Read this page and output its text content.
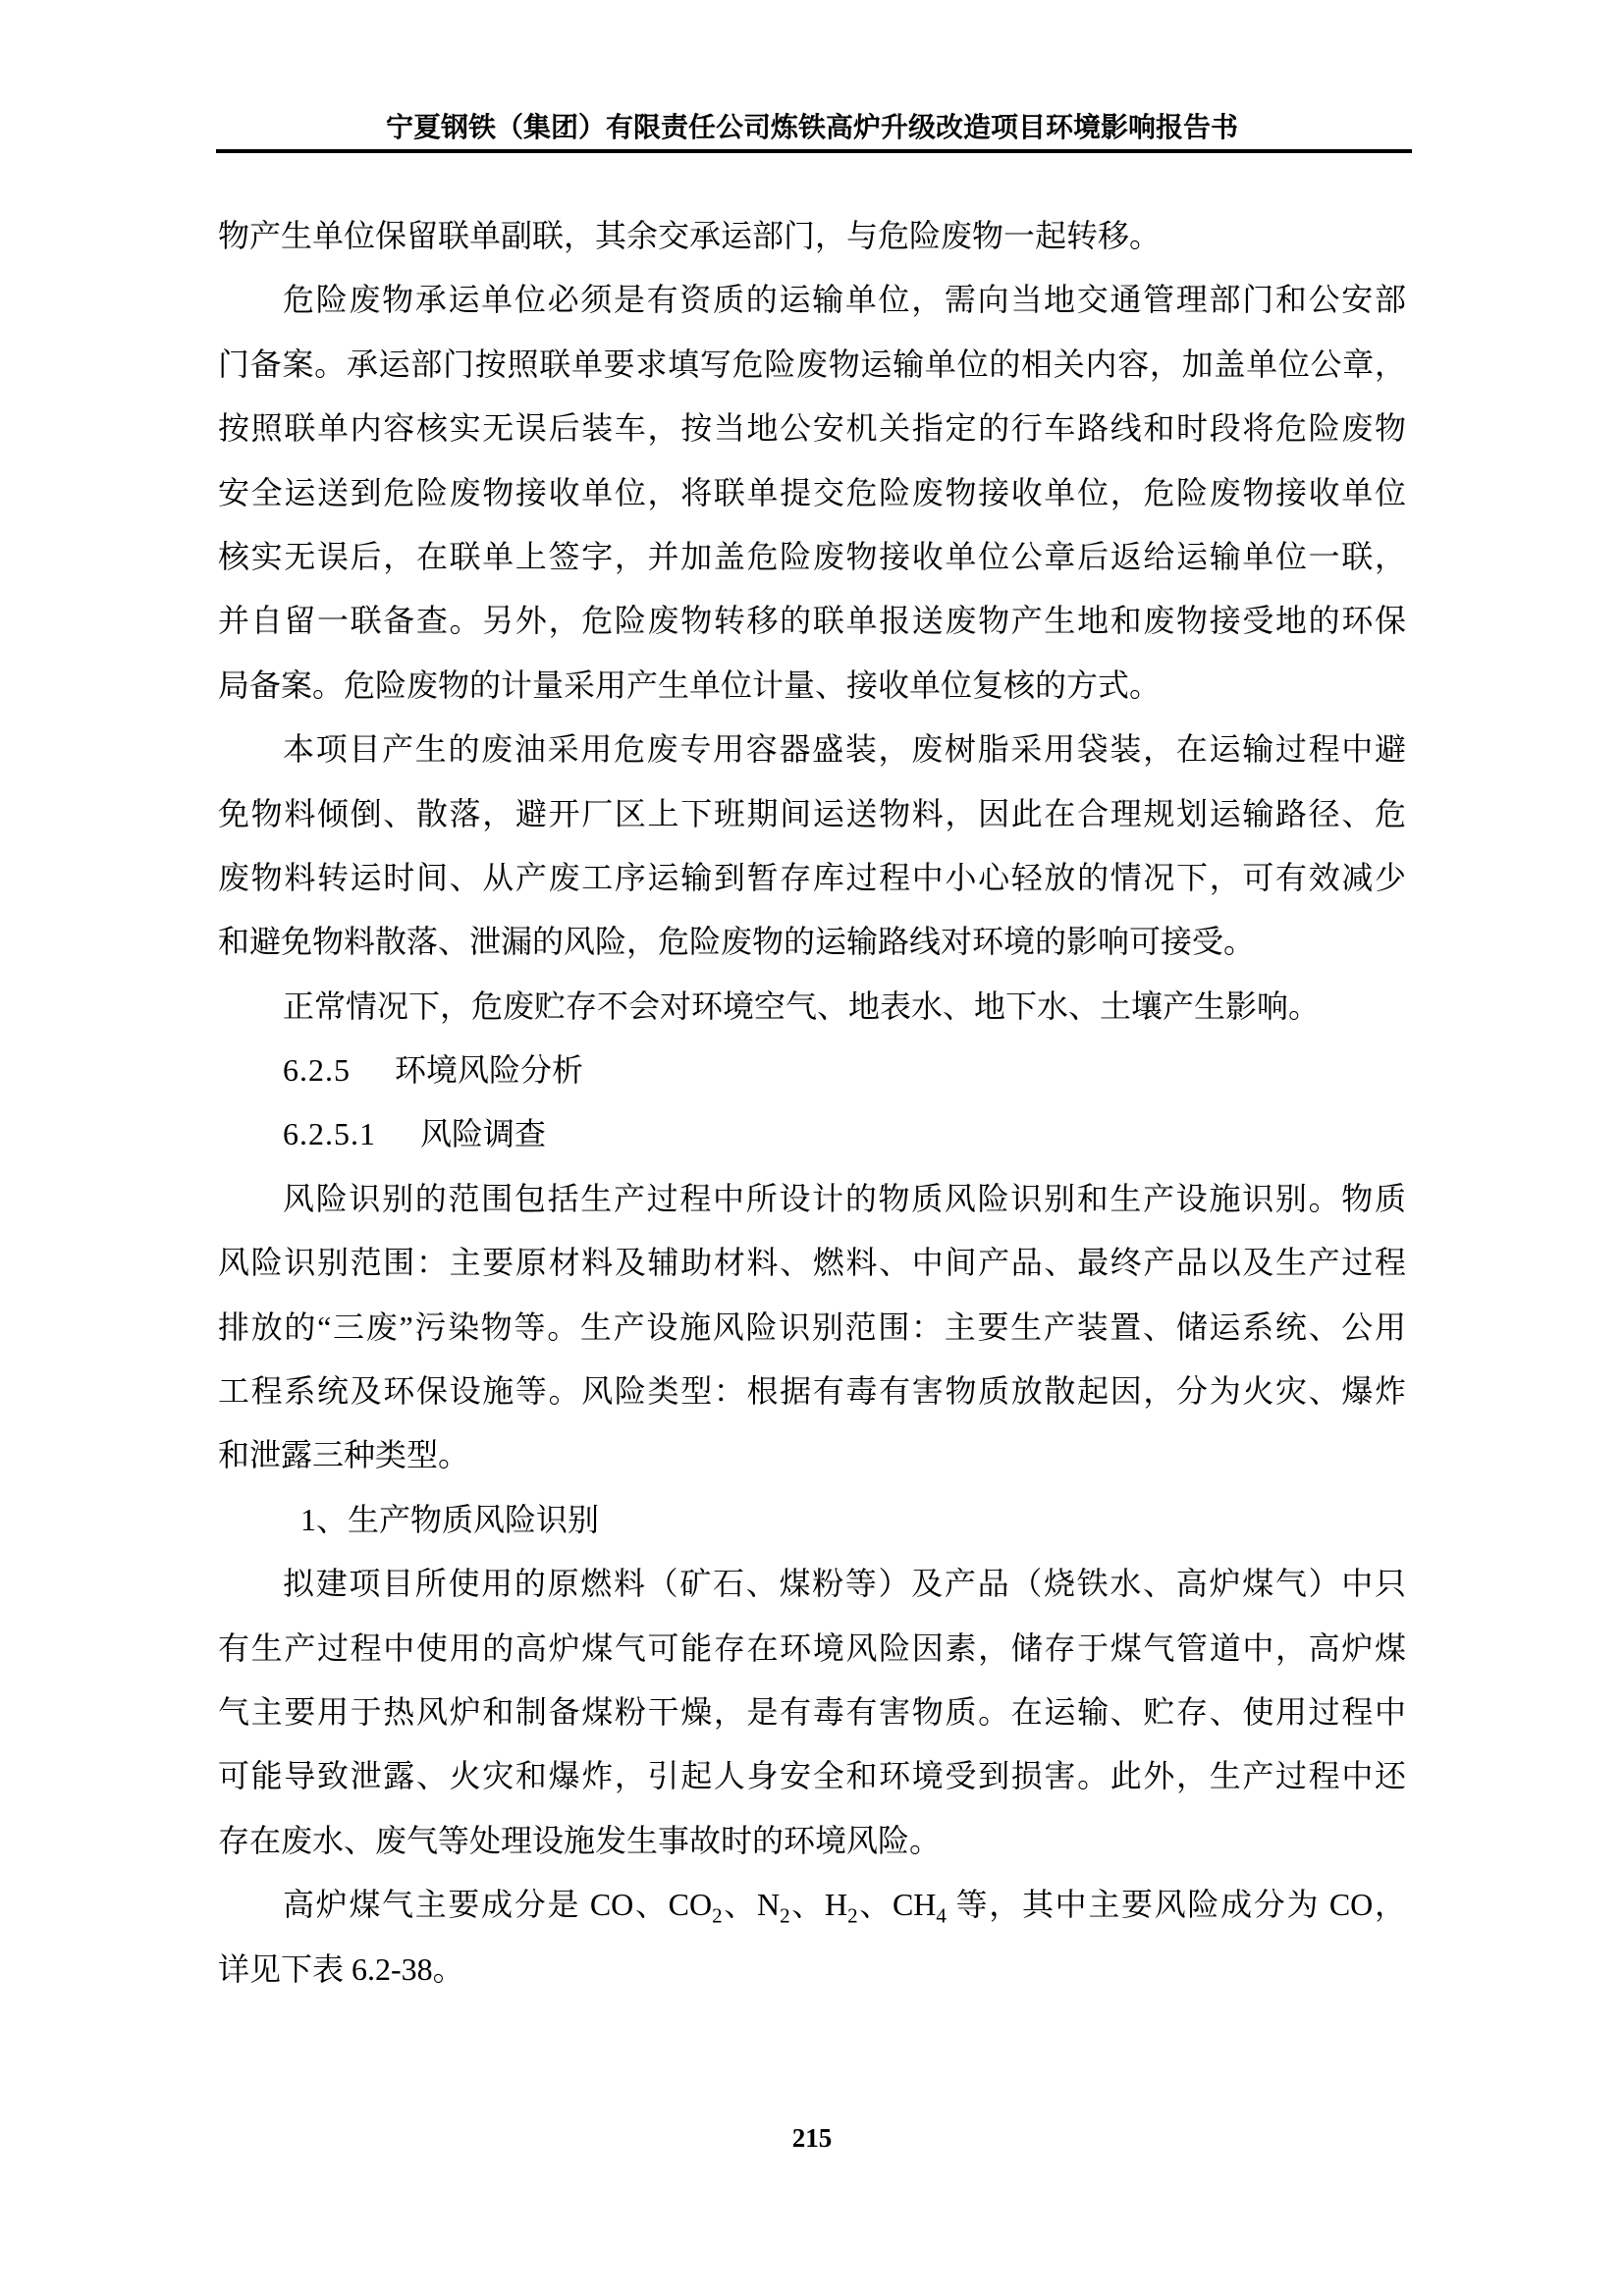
宁夏钢铁（集团）有限责任公司炼铁高炉升级改造项目环境影响报告书
物产生单位保留联单副联，其余交承运部门，与危险废物一起转移。
危险废物承运单位必须是有资质的运输单位，需向当地交通管理部门和公安部
门备案。承运部门按照联单要求填写危险废物运输单位的相关内容，加盖单位公章，
按照联单内容核实无误后装车，按当地公安机关指定的行车路线和时段将危险废物
安全运送到危险废物接收单位，将联单提交危险废物接收单位，危险废物接收单位
核实无误后，在联单上签字，并加盖危险废物接收单位公章后返给运输单位一联，
并自留一联备查。另外，危险废物转移的联单报送废物产生地和废物接受地的环保
局备案。危险废物的计量采用产生单位计量、接收单位复核的方式。
本项目产生的废油采用危废专用容器盛装，废树脂采用袋装，在运输过程中避
免物料倾倒、散落，避开厂区上下班期间运送物料，因此在合理规划运输路径、危
废物料转运时间、从产废工序运输到暂存库过程中小心轻放的情况下，可有效减少
和避免物料散落、泄漏的风险，危险废物的运输路线对环境的影响可接受。
正常情况下，危废贮存不会对环境空气、地表水、地下水、土壤产生影响。
6.2.5 环境风险分析
6.2.5.1 风险调查
风险识别的范围包括生产过程中所设计的物质风险识别和生产设施识别。物质
风险识别范围：主要原材料及辅助材料、燃料、中间产品、最终产品以及生产过程
排放的“三废”污染物等。生产设施风险识别范围：主要生产装置、储运系统、公用
工程系统及环保设施等。风险类型：根据有毒有害物质放散起因，分为火灾、爆炸
和泄露三种类型。
1、生产物质风险识别
拟建项目所使用的原燃料（矿石、煤粉等）及产品（烧铁水、高炉煤气）中只
有生产过程中使用的高炉煤气可能存在环境风险因素，储存于煤气管道中，高炉煤
气主要用于热风炉和制备煤粉干燥，是有毒有害物质。在运输、贮存、使用过程中
可能导致泄露、火灾和爆炸，引起人身安全和环境受到损害。此外，生产过程中还
存在废水、废气等处理设施发生事故时的环境风险。
高炉煤气主要成分是 CO、$CO_2$、$N_2$、$H_2$、$CH_4$ 等，其中主要风险成分为 CO，
详见下表 6.2-38。
215
